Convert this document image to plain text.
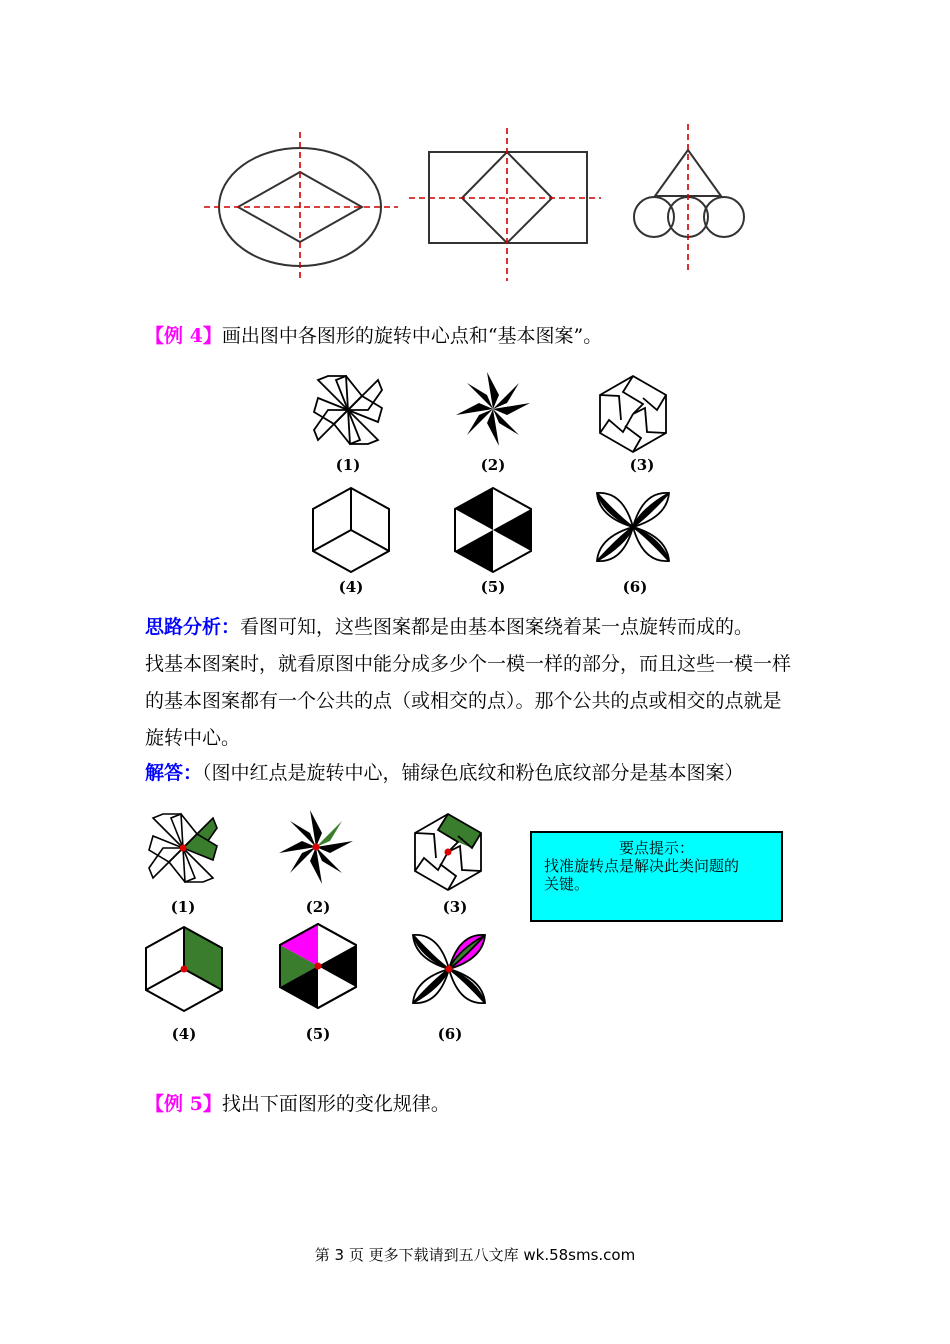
【例 4】画出图中各图形的旋转中心点和“基本图案”。
(1)	(2)	(3)
(4)	(5)	(6)
思路分析：看图可知，这些图案都是由基本图案绕着某一点旋转而成的。
找基本图案时，就看原图中能分成多少个一模一样的部分，而且这些一模一样
的基本图案都有一个公共的点（或相交的点）。那个公共的点或相交的点就是
旋转中心。
解答：（图中红点是旋转中心，铺绿色底纹和粉色底纹部分是基本图案）
(1)	(2)	(3)
(4)	(5)	(6)
要点提示：
找准旋转点是解决此类问题的
关键。
【例 5】找出下面图形的变化规律。
第 3 页 更多下载请到五八文库 wk.58sms.com
